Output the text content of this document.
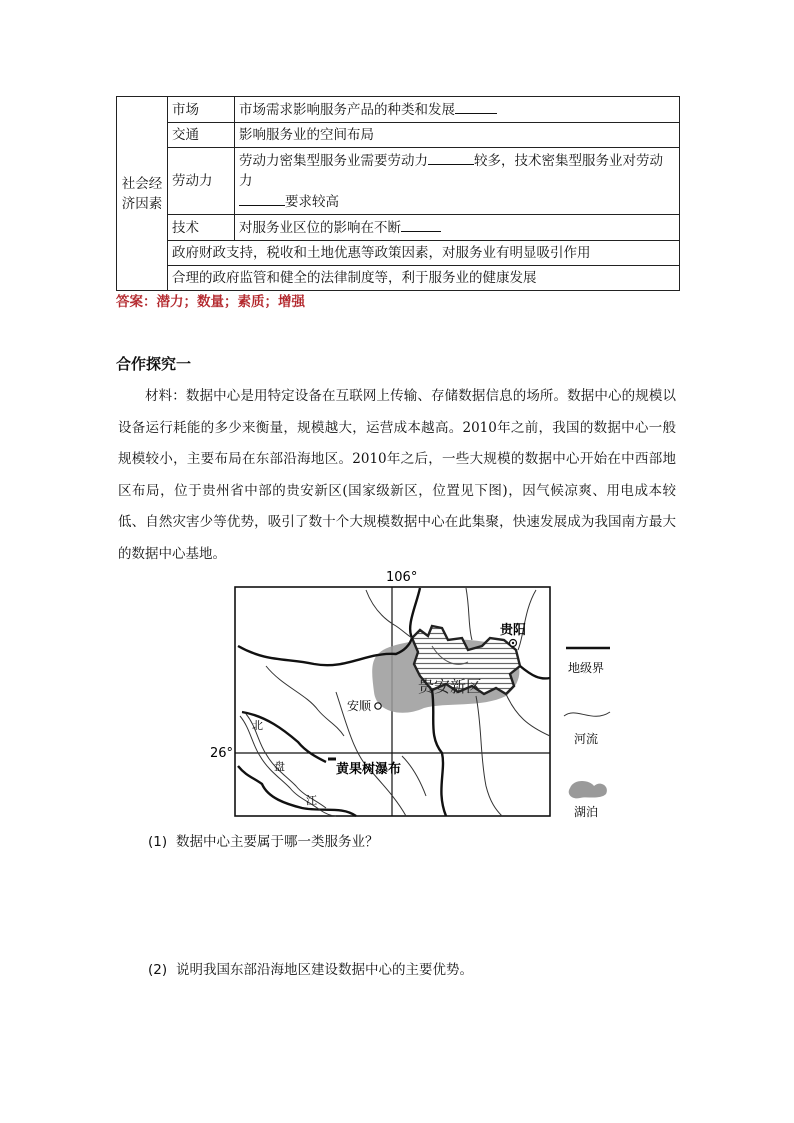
社会经济因素	市场	市场需求影响服务产品的种类和发展
	交通	影响服务业的空间布局
	劳动力	劳动力密集型服务业需要劳动力 较多，技术密集型服务业对劳动力
要求较高
	技术	对服务业区位的影响在不断
	政府财政支持，税收和土地优惠等政策因素，对服务业有明显吸引作用	
	合理的政府监管和健全的法律制度等，利于服务业的健康发展	
答案：潜力；数量；素质；增强
合作探究一
材料：数据中心是用特定设备在互联网上传输、存储数据信息的场所。数据中心的规模以设备运行耗能的多少来衡量，规模越大，运营成本越高。2010年之前，我国的数据中心一般规模较小，主要布局在东部沿海地区。2010年之后，一些大规模的数据中心开始在中西部地区布局，位于贵州省中部的贵安新区(国家级新区，位置见下图)，因气候凉爽、用电成本较低、自然灾害少等优势，吸引了数十个大规模数据中心在此集聚，快速发展成为我国南方最大的数据中心基地。
106°
26°
北
盘
江
贵阳
贵安新区
安顺
黄果树瀑布
地级界
河流
湖泊
(1) 数据中心主要属于哪一类服务业？
(2) 说明我国东部沿海地区建设数据中心的主要优势。
